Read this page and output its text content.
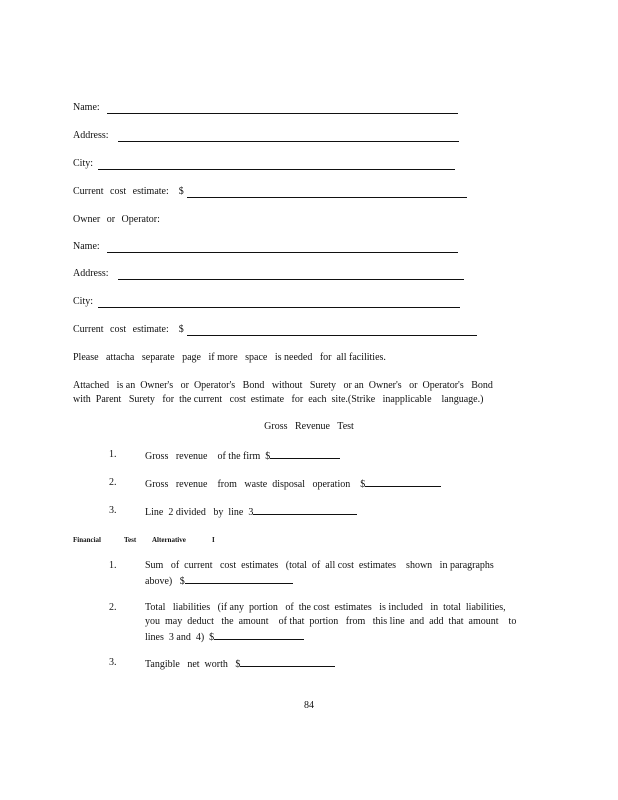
Name:
Address:
City:
Current cost estimate: $
Owner or Operator:
Name:
Address:
City:
Current cost estimate: $
Please   attacha   separate   page   if more   space   is needed   for  all facilities.
Attached   is an  Owner's   or  Operator's   Bond   without   Surety   or an  Owner's   or  Operator's   Bond
with  Parent   Surety   for  the current   cost  estimate   for  each  site.(Strike   inapplicable    language.)
Gross   Revenue   Test
1.	Gross   revenue    of the firm  $
2.	Gross   revenue    from   waste  disposal   operation    $
3.	Line  2 divided   by  line  3
Financial	Test Alternative	I
1.	Sum   of  current   cost  estimates   (total  of  all cost  estimates    shown   in paragraphs
above)   $
2.	Total   liabilities   (if any  portion   of  the cost  estimates   is included   in  total  liabilities,
you  may  deduct   the  amount    of that  portion   from   this line  and  add  that  amount    to
lines  3 and  4)  $
3.	Tangible   net  worth   $
84
